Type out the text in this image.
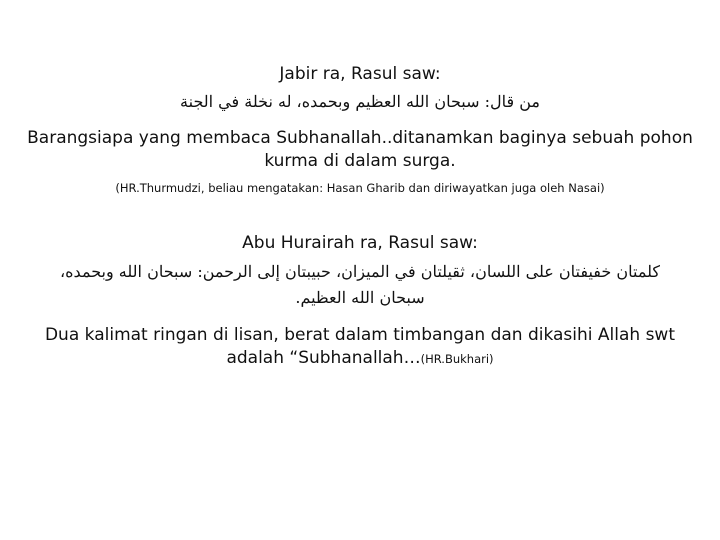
Jabir ra, Rasul saw:
من قال: سبحان الله العظيم وبحمده، له نخلة في الجنة
Barangsiapa yang membaca Subhanallah..ditanamkan baginya sebuah pohon
kurma di dalam surga.
(HR.Thurmudzi, beliau mengatakan: Hasan Gharib dan diriwayatkan juga oleh Nasai)
Abu Hurairah ra, Rasul saw:
كلمتان خفيفتان على اللسان، ثقيلتان في الميزان، حبيبتان إلى الرحمن: سبحان الله وبحمده،
سبحان الله العظيم.
Dua kalimat ringan di lisan, berat dalam timbangan dan dikasihi Allah swt
adalah “Subhanallah…(HR.Bukhari)
